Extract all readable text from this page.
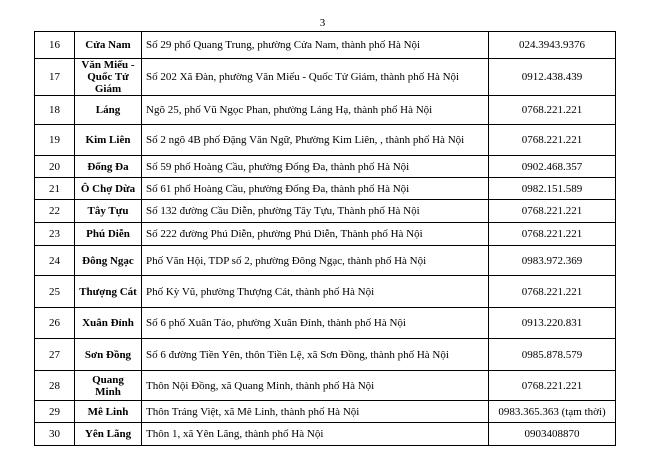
3
16	Cửa Nam	Số 29 phố Quang Trung, phường Cửa Nam, thành phố Hà Nội	024.3943.9376
17	Văn Miếu - Quốc Tử Giám	Số 202 Xã Đàn, phường Văn Miếu - Quốc Tử Giám, thành phố Hà Nội	0912.438.439
18	Láng	Ngõ 25, phố Vũ Ngọc Phan, phường Láng Hạ, thành phố Hà Nội	0768.221.221
19	Kim Liên	Số 2 ngõ 4B phố Đặng Văn Ngữ, Phường Kim Liên, , thành phố Hà Nội	0768.221.221
20	Đống Đa	Số 59 phố Hoàng Cầu, phường Đống Đa, thành phố Hà Nội	0902.468.357
21	Ô Chợ Dừa	Số 61 phố Hoàng Cầu, phường Đống Đa, thành phố Hà Nội	0982.151.589
22	Tây Tựu	Số 132 đường Cầu Diễn, phường Tây Tựu, Thành phố Hà Nội	0768.221.221
23	Phú Diễn	Số 222 đường Phú Diễn, phường Phú Diễn, Thành phố Hà Nội	0768.221.221
24	Đông Ngạc	Phố Văn Hội, TDP số 2, phường Đông Ngạc, thành phố Hà Nội	0983.972.369
25	Thượng Cát	Phố Kỳ Vũ, phường Thượng Cát, thành phố Hà Nội	0768.221.221
26	Xuân Đỉnh	Số 6 phố Xuân Tảo, phường Xuân Đỉnh, thành phố Hà Nội	0913.220.831
27	Sơn Đồng	Số 6 đường Tiền Yên, thôn Tiền Lệ, xã Sơn Đồng, thành phố Hà Nội	0985.878.579
28	Quang Minh	Thôn Nội Đồng, xã Quang Minh, thành phố Hà Nội	0768.221.221
29	Mê Linh	Thôn Tráng Việt, xã Mê Linh, thành phố Hà Nội	0983.365.363 (tạm thời)
30	Yên Lãng	Thôn 1, xã Yên Lãng, thành phố Hà Nội	0903408870
